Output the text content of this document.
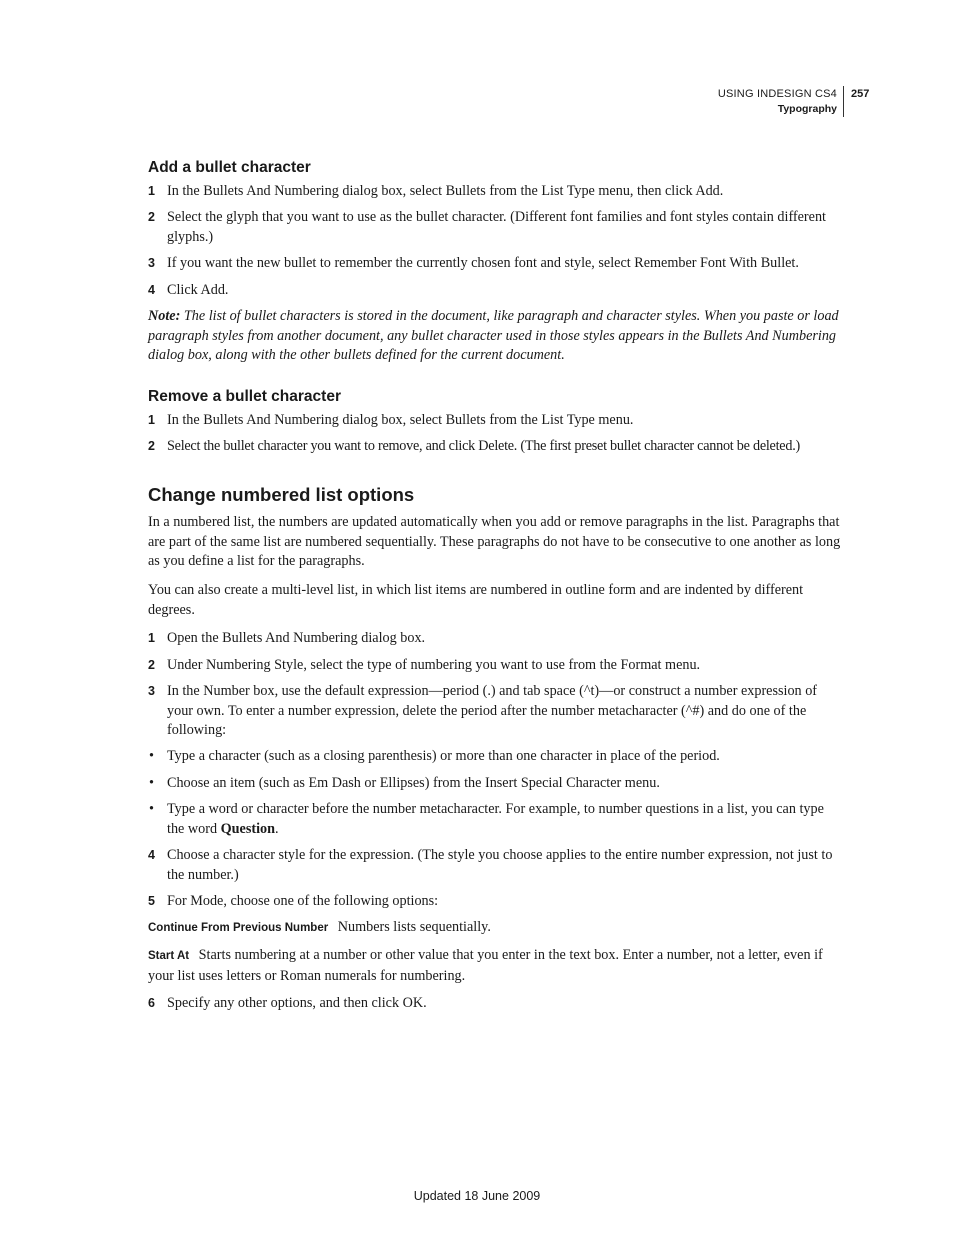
USING INDESIGN CS4
Typography
257
Add a bullet character
1 In the Bullets And Numbering dialog box, select Bullets from the List Type menu, then click Add.
2 Select the glyph that you want to use as the bullet character. (Different font families and font styles contain different glyphs.)
3 If you want the new bullet to remember the currently chosen font and style, select Remember Font With Bullet.
4 Click Add.
Note: The list of bullet characters is stored in the document, like paragraph and character styles. When you paste or load paragraph styles from another document, any bullet character used in those styles appears in the Bullets And Numbering dialog box, along with the other bullets defined for the current document.
Remove a bullet character
1 In the Bullets And Numbering dialog box, select Bullets from the List Type menu.
2 Select the bullet character you want to remove, and click Delete. (The first preset bullet character cannot be deleted.)
Change numbered list options
In a numbered list, the numbers are updated automatically when you add or remove paragraphs in the list. Paragraphs that are part of the same list are numbered sequentially. These paragraphs do not have to be consecutive to one another as long as you define a list for the paragraphs.
You can also create a multi-level list, in which list items are numbered in outline form and are indented by different degrees.
1 Open the Bullets And Numbering dialog box.
2 Under Numbering Style, select the type of numbering you want to use from the Format menu.
3 In the Number box, use the default expression—period (.) and tab space (^t)—or construct a number expression of your own. To enter a number expression, delete the period after the number metacharacter (^#) and do one of the following:
• Type a character (such as a closing parenthesis) or more than one character in place of the period.
• Choose an item (such as Em Dash or Ellipses) from the Insert Special Character menu.
• Type a word or character before the number metacharacter. For example, to number questions in a list, you can type the word Question.
4 Choose a character style for the expression. (The style you choose applies to the entire number expression, not just to the number.)
5 For Mode, choose one of the following options:
Continue From Previous Number Numbers lists sequentially.
Start At Starts numbering at a number or other value that you enter in the text box. Enter a number, not a letter, even if your list uses letters or Roman numerals for numbering.
6 Specify any other options, and then click OK.
Updated 18 June 2009
